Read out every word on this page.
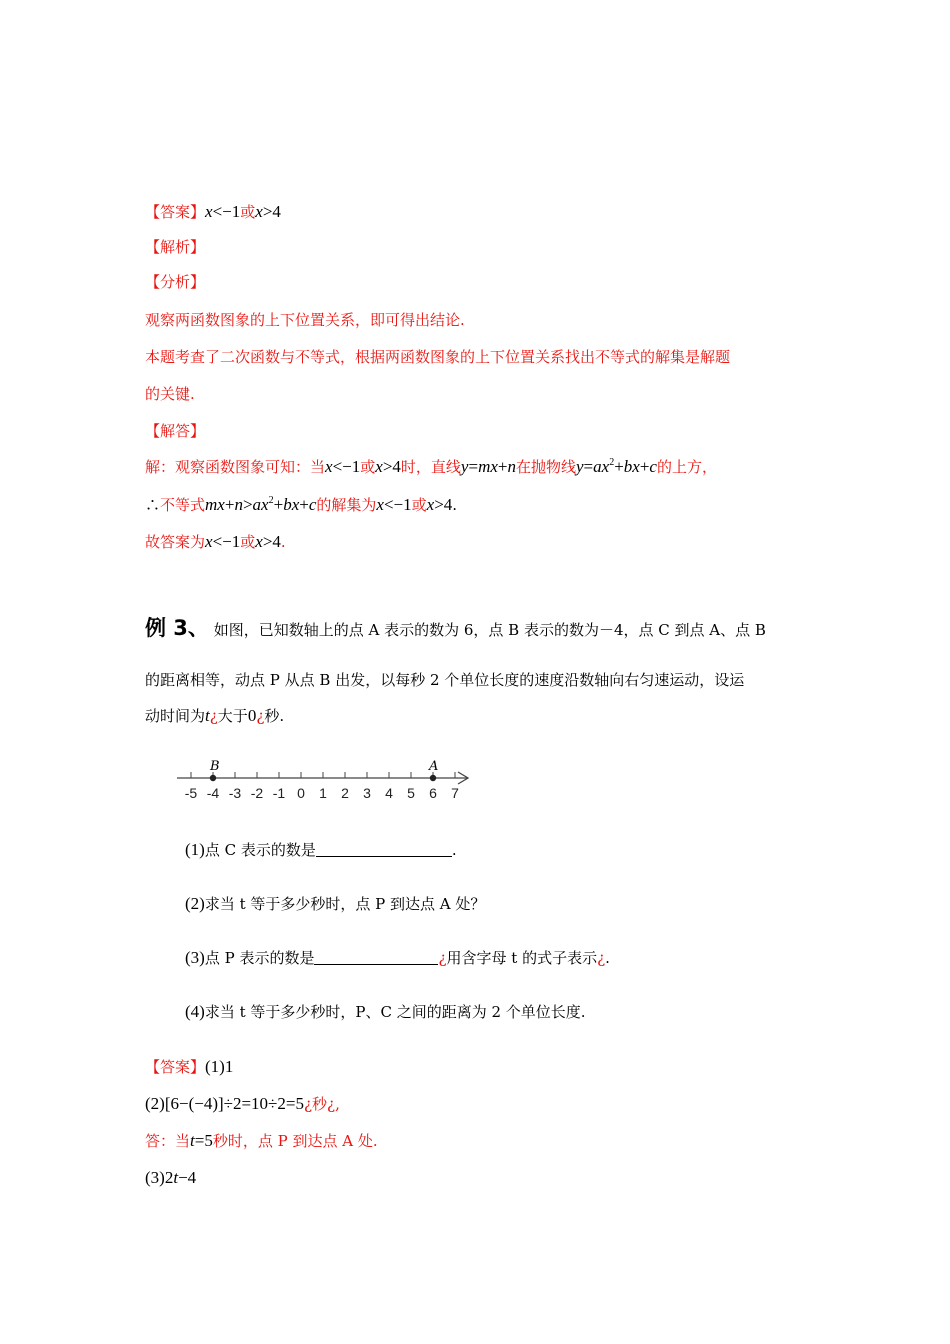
【答案】x<−1或x>4
【解析】
【分析】
观察两函数图象的上下位置关系，即可得出结论.
本题考查了二次函数与不等式，根据两函数图象的上下位置关系找出不等式的解集是解题
的关键.
【解答】
解：观察函数图象可知：当x<−1或x>4时，直线y=mx+n在抛物线$y=ax^2+bx+c$的上方，
∴不等式$mx+n>ax^2+bx+c$的解集为x<−1或x>4.
故答案为x<−1或x>4.
例 3、 如图，已知数轴上的点 A 表示的数为 6，点 B 表示的数为－4，点 C 到点 A、点 B
的距离相等，动点 P 从点 B 出发，以每秒 2 个单位长度的速度沿数轴向右匀速运动，设运
动时间为t¿大于0¿秒.
-5 -4 -3 -2 -1 0 1 2 3 4 5 6 7
B	A
(1)点 C 表示的数是	.
(2)求当 t 等于多少秒时，点 P 到达点 A 处？
(3)点 P 表示的数是	¿用含字母 t 的式子表示¿.
(4)求当 t 等于多少秒时，P、C 之间的距离为 2 个单位长度.
【答案】(1)1
(2)[6−(−4)]÷2=10÷2=5¿秒¿,
答：当t=5秒时，点 P 到达点 A 处.
(3)2t−4
